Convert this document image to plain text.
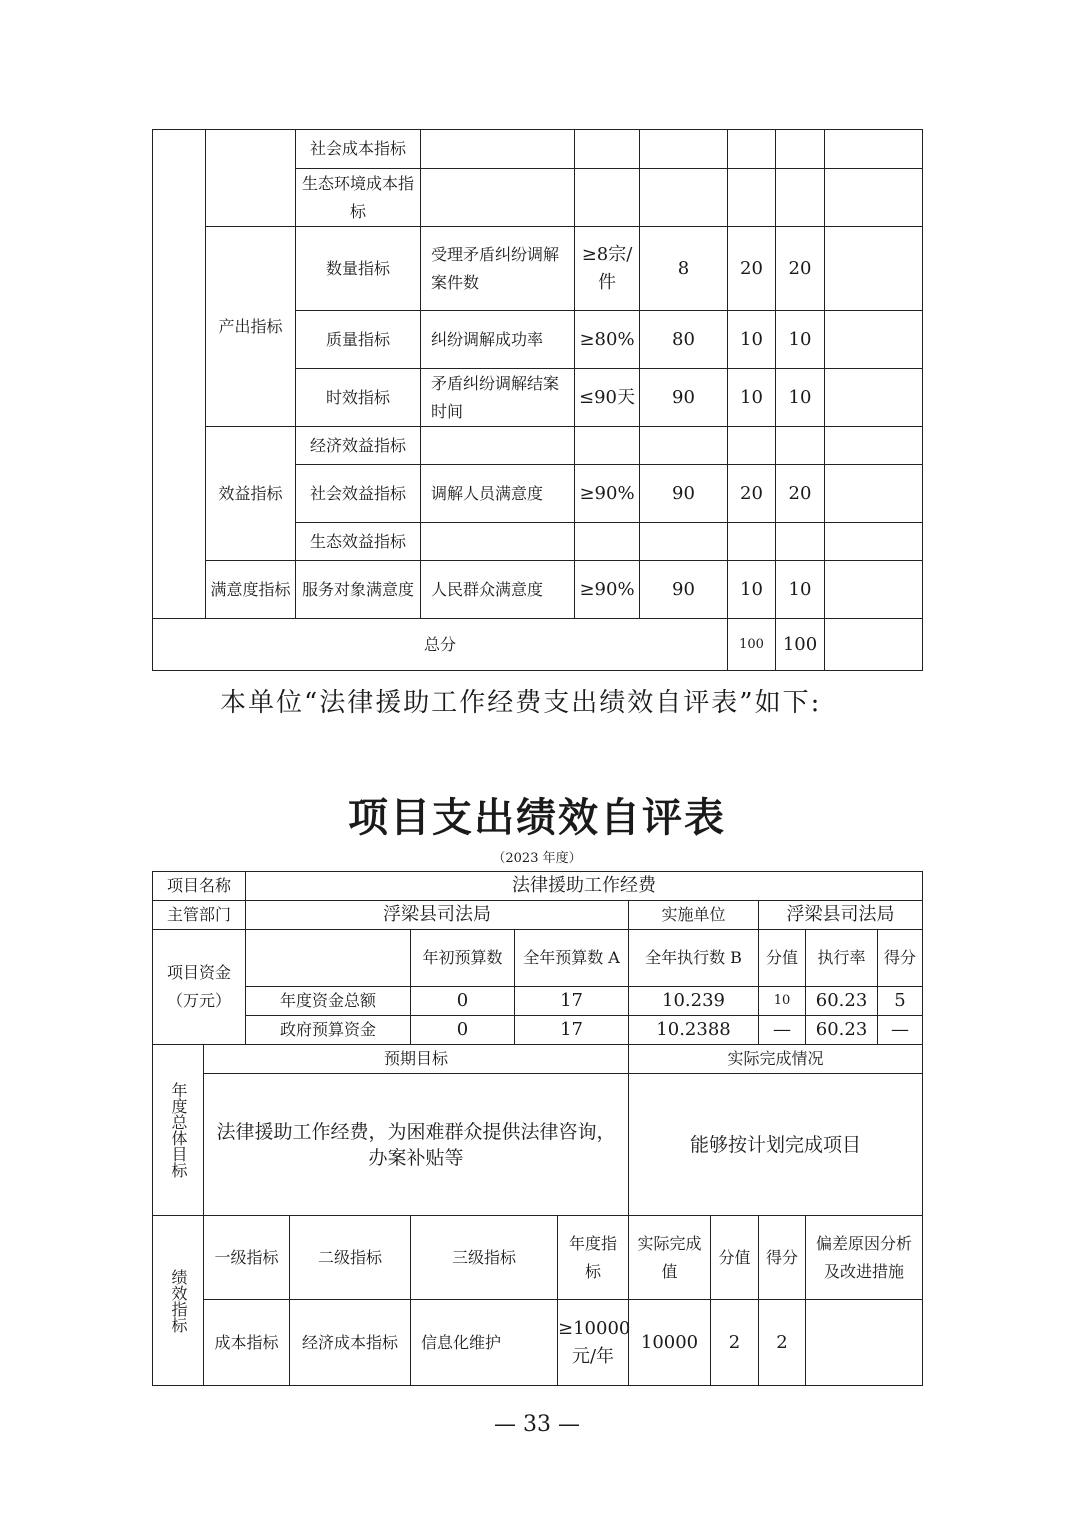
		社会成本指标						
		生态环境成本指标						
	产出指标	数量指标	受理矛盾纠纷调解案件数	≥8宗/件	8	20	20	
		质量指标	纠纷调解成功率	≥80%	80	10	10	
		时效指标	矛盾纠纷调解结案时间	≤90天	90	10	10	
	效益指标	经济效益指标						
		社会效益指标	调解人员满意度	≥90%	90	20	20	
		生态效益指标						
	满意度指标	服务对象满意度	人民群众满意度	≥90%	90	10	10	
总分						100	100	
本单位“法律援助工作经费支出绩效自评表”如下:
项目支出绩效自评表
（2023 年度）
项目名称		法律援助工作经费									
主管部门		浮梁县司法局					实施单位		浮梁县司法局		
项目资金（万元）				年初预算数	全年预算数 A		全年执行数 B		分值	执行率	得分
		年度资金总额		0	17		10.239		10	60.23	5
		政府预算资金		0	17		10.2388		—	60.23	—
年度总体目标	预期目标						实际完成情况				
	法律援助工作经费，为困难群众提供法律咨询，办案补贴等						能够按计划完成项目				
绩效指标	一级指标		二级指标	三级指标		年度指标	实际完成值	分值	得分	偏差原因分析及改进措施	
	成本指标		经济成本指标	信息化维护		≥10000元/年	10000	2	2		
— 33 —
